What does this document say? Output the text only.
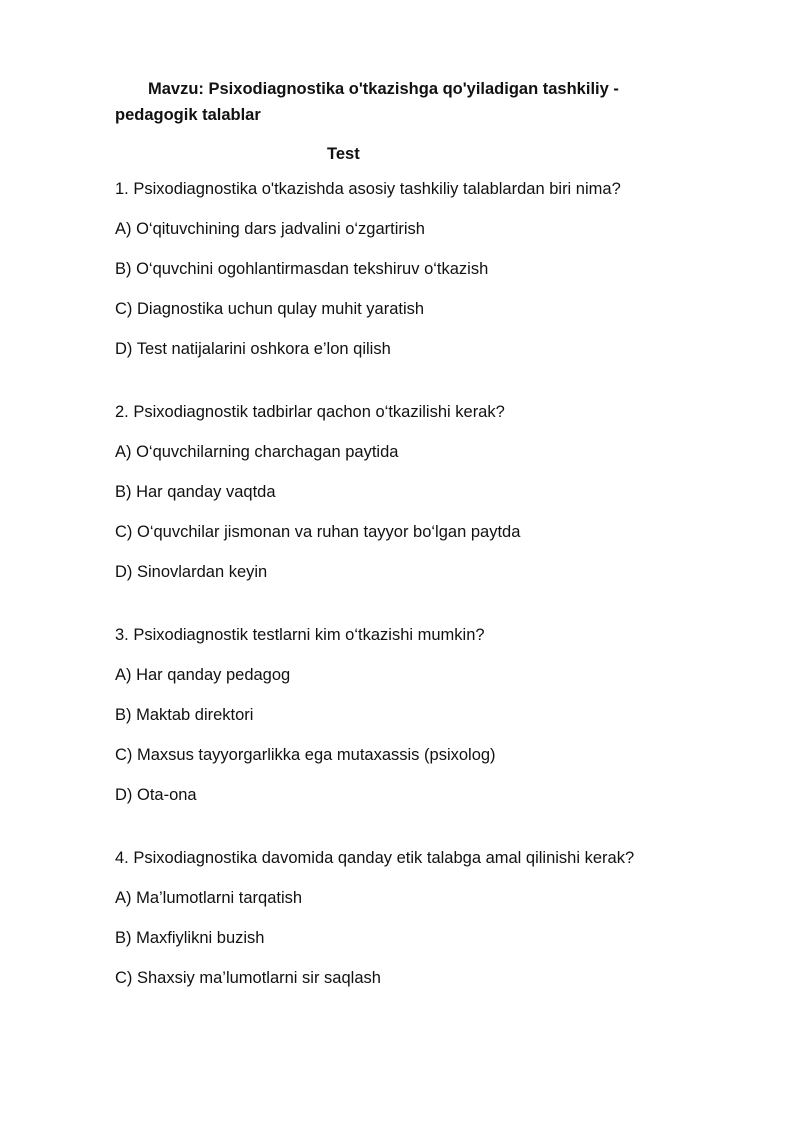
Mavzu: Psixodiagnostika o'tkazishga qo'yiladigan tashkiliy - pedagogik talablar

Test

1. Psixodiagnostika o'tkazishda asosiy tashkiliy talablardan biri nima?

A) O‘qituvchining dars jadvalini o‘zgartirish

B) O‘quvchini ogohlantirmasdan tekshiruv o‘tkazish

C) Diagnostika uchun qulay muhit yaratish

D) Test natijalarini oshkora e’lon qilish

2. Psixodiagnostik tadbirlar qachon o‘tkazilishi kerak?

A) O‘quvchilarning charchagan paytida

B) Har qanday vaqtda

C) O‘quvchilar jismonan va ruhan tayyor bo‘lgan paytda

D) Sinovlardan keyin

3. Psixodiagnostik testlarni kim o‘tkazishi mumkin?

A) Har qanday pedagog

B) Maktab direktori

C) Maxsus tayyorgarlikka ega mutaxassis (psixolog)

D) Ota-ona

4. Psixodiagnostika davomida qanday etik talabga amal qilinishi kerak?

A) Ma’lumotlarni tarqatish

B) Maxfiylikni buzish

C) Shaxsiy ma’lumotlarni sir saqlash
